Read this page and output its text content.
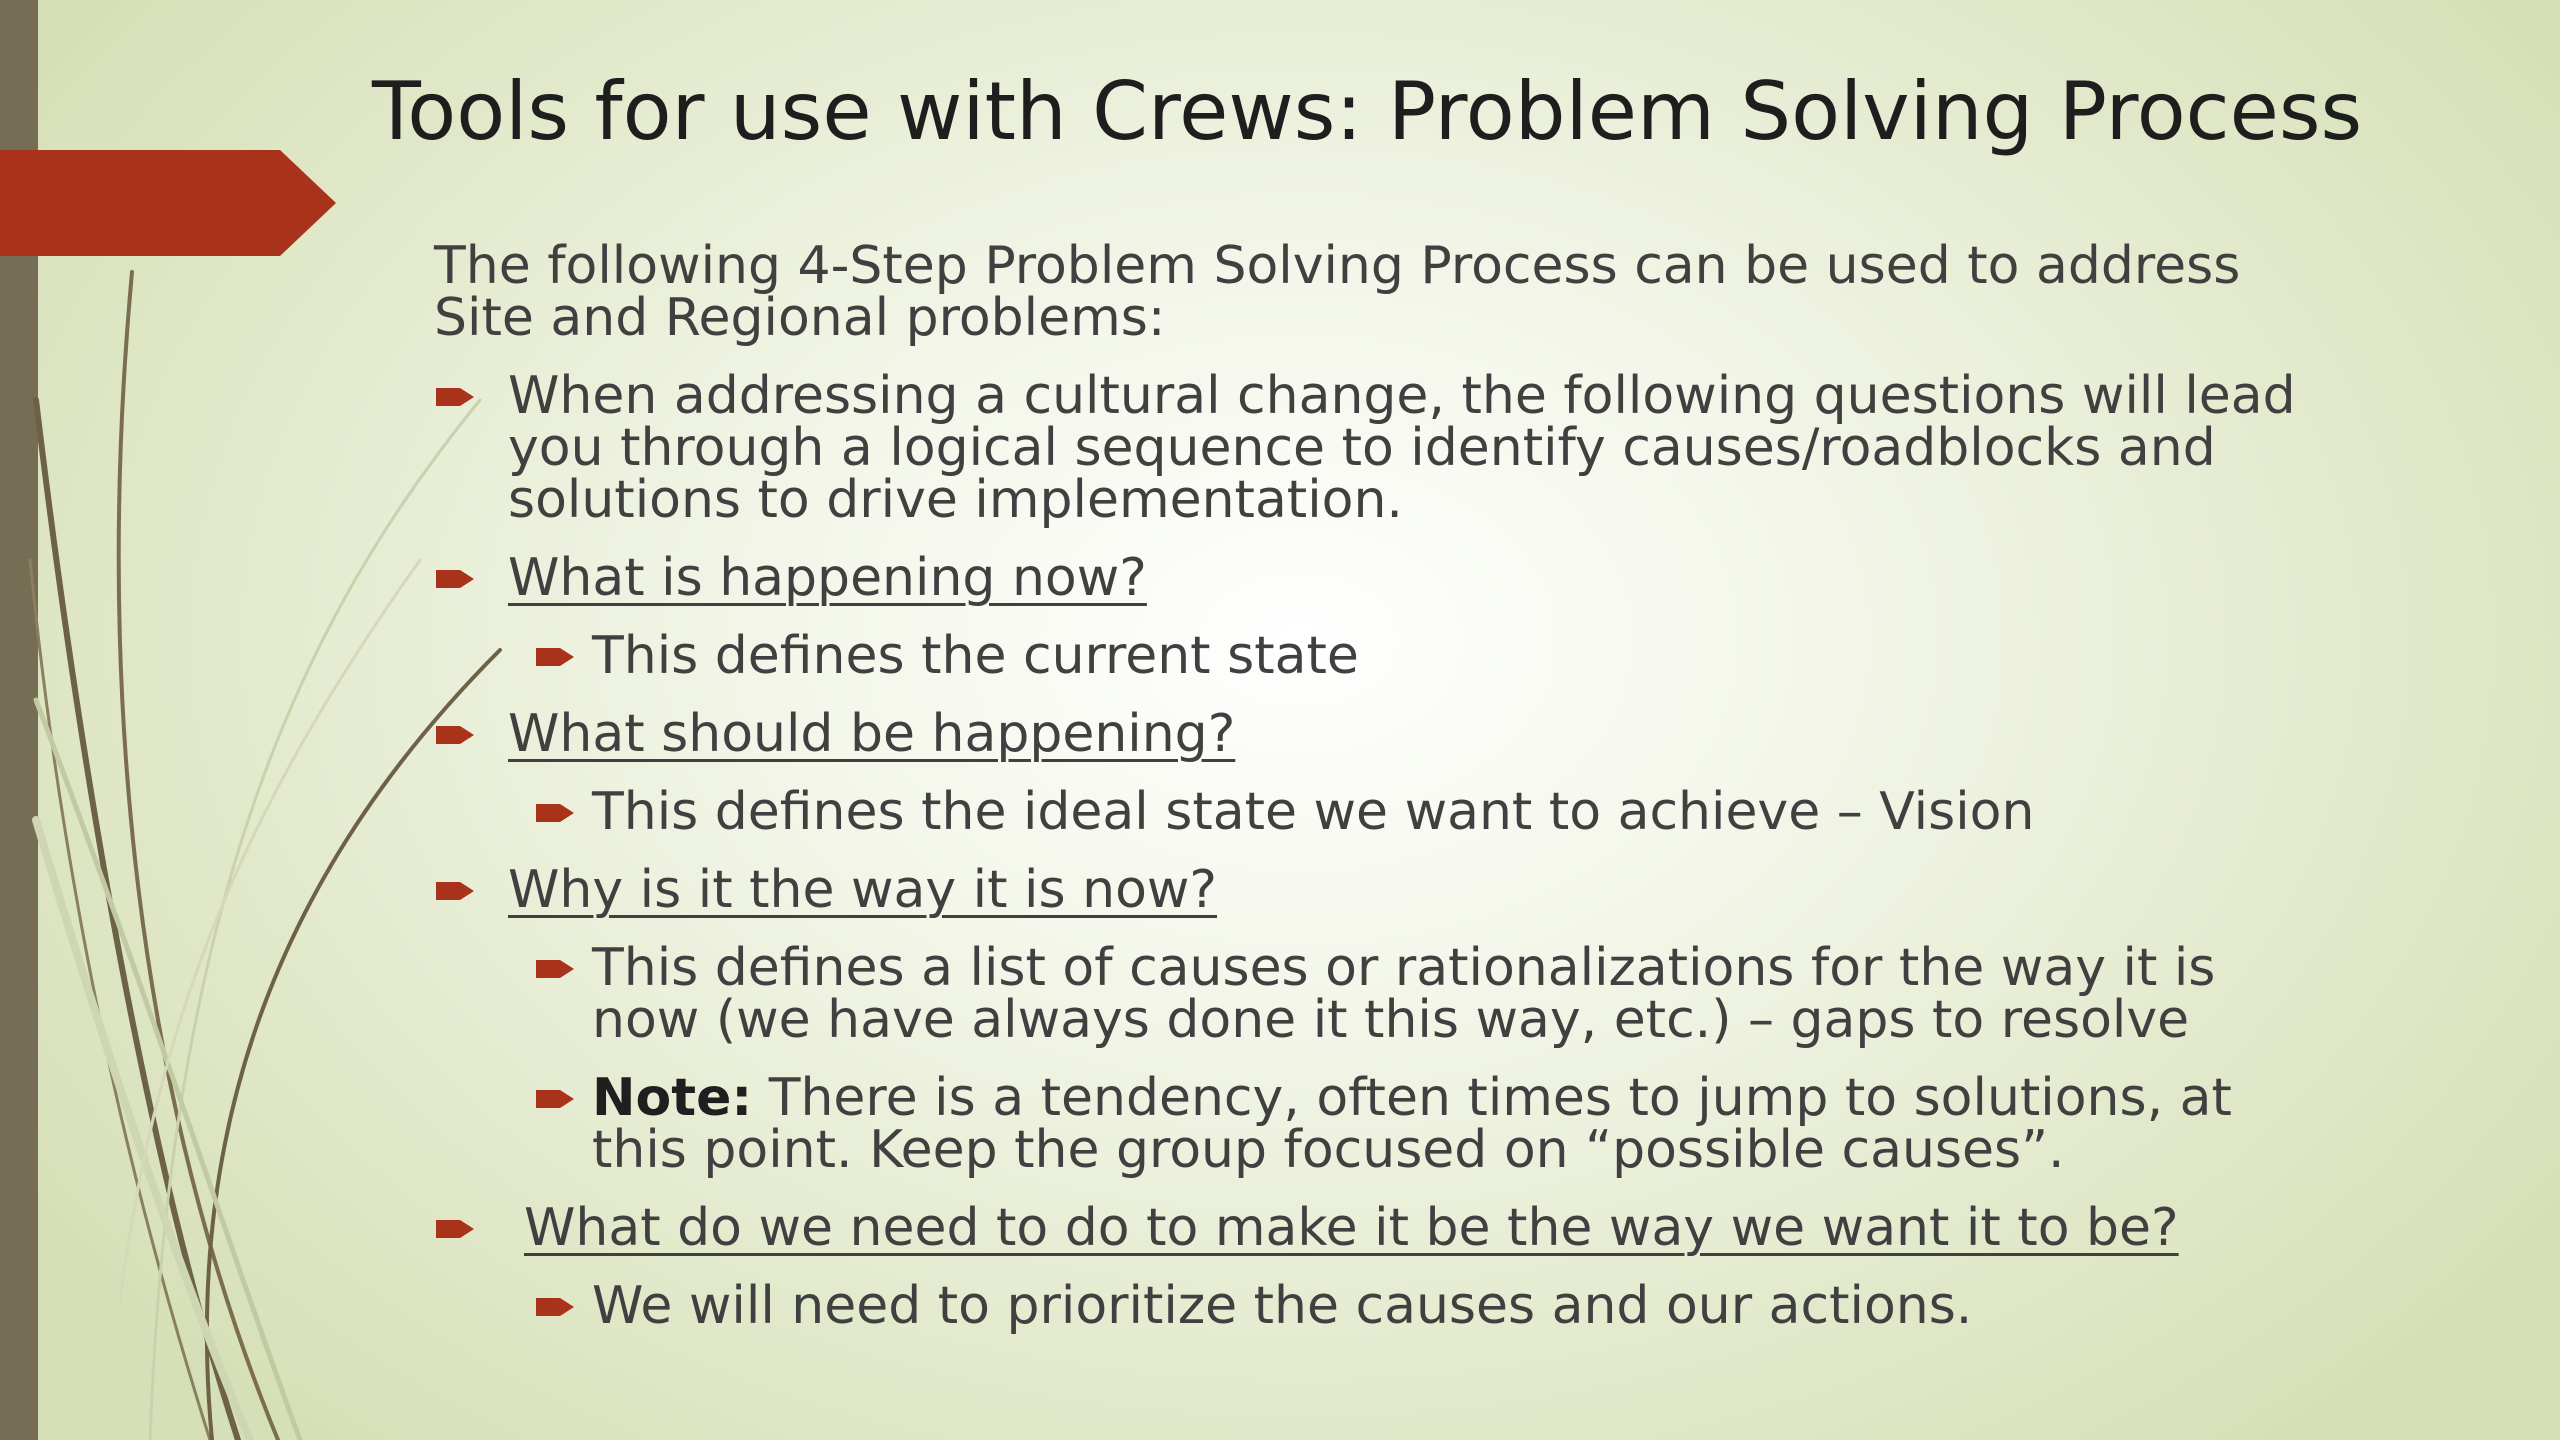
Tools for use with Crews: Problem Solving Process

The following 4-Step Problem Solving Process can be used to address Site and Regional problems:

When addressing a cultural change, the following questions will lead you through a logical sequence to identify causes/roadblocks and solutions to drive implementation.
What is happening now?
This defines the current state
What should be happening?
This defines the ideal state we want to achieve – Vision
Why is it the way it is now?
This defines a list of causes or rationalizations for the way it is now (we have always done it this way, etc.) – gaps to resolve
Note: There is a tendency, often times to jump to solutions, at this point. Keep the group focused on “possible causes”.
What do we need to do to make it be the way we want it to be?
We will need to prioritize the causes and our actions.
